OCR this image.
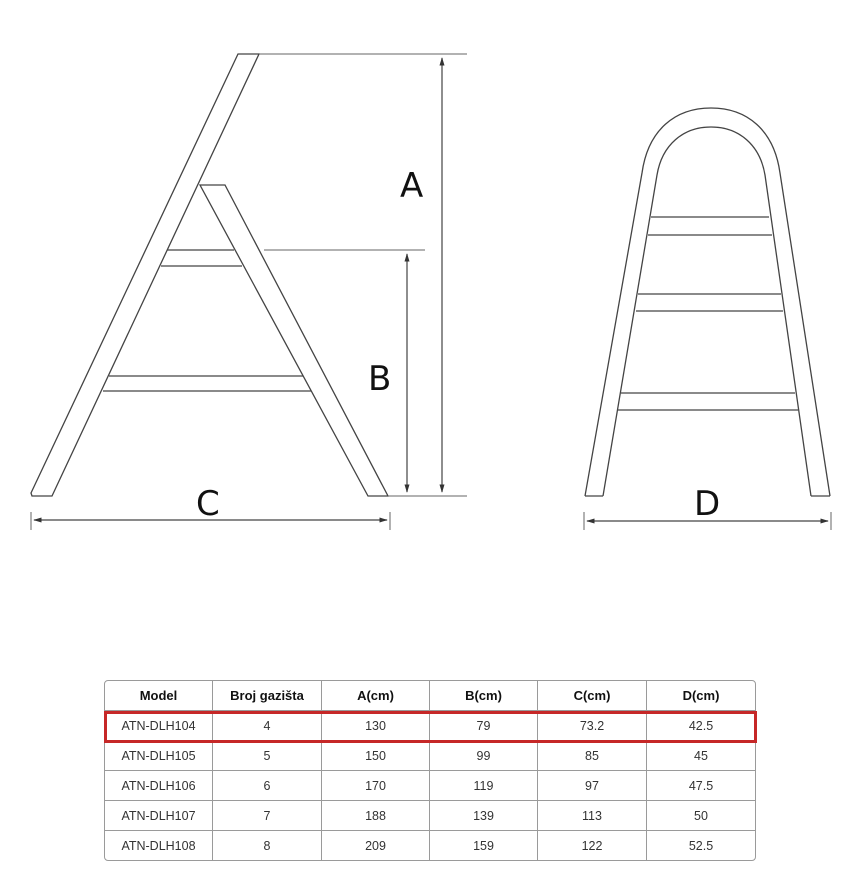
A
B
C	D
Model	Broj gazišta	A(cm)	B(cm)	C(cm)	D(cm)
ATN-DLH104	4	130	79	73.2	42.5
ATN-DLH105	5	150	99	85	45
ATN-DLH106	6	170	119	97	47.5
ATN-DLH107	7	188	139	113	50
ATN-DLH108	8	209	159	122	52.5
